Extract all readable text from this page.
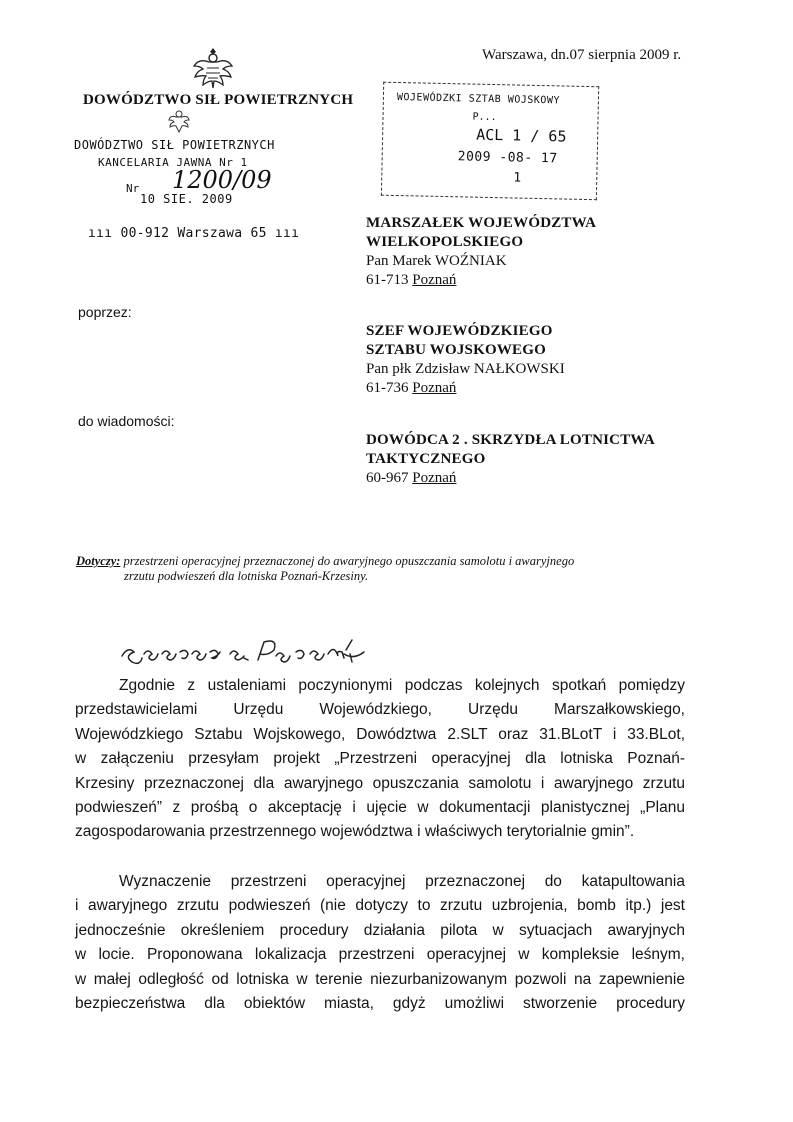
Warszawa, dn.07 sierpnia 2009 r.
DOWÓDZTWO SIŁ POWIETRZNYCH
DOWÓDZTWO SIŁ POWIETRZNYCH
KANCELARIA JAWNA Nr 1
Nr 1200/09
10 SIE. 2009
ııı 00-912 Warszawa 65 ııı
WOJEWÓDZKI SZTAB WOJSKOWY
P...
ACL 1 / 65
2009 -08- 17
1
MARSZAŁEK WOJEWÓDZTWA
WIELKOPOLSKIEGO
Pan Marek WOŹNIAK
61-713 Poznań
poprzez:
SZEF WOJEWÓDZKIEGO
SZTABU WOJSKOWEGO
Pan płk Zdzisław NAŁKOWSKI
61-736 Poznań
do wiadomości:
DOWÓDCA 2 . SKRZYDŁA LOTNICTWA
TAKTYCZNEGO
60-967 Poznań
Dotyczy: przestrzeni operacyjnej przeznaczonej do awaryjnego opuszczania samolotu i awaryjnego
zrzutu podwieszeń dla lotniska Poznań-Krzesiny.
Zgodnie z ustaleniami poczynionymi podczas kolejnych spotkań pomiędzy
przedstawicielami Urzędu Wojewódzkiego, Urzędu Marszałkowskiego,
Wojewódzkiego Sztabu Wojskowego, Dowództwa 2.SLT oraz 31.BLotT i 33.BLot,
w załączeniu przesyłam projekt „Przestrzeni operacyjnej dla lotniska Poznań-
Krzesiny przeznaczonej dla awaryjnego opuszczania samolotu i awaryjnego zrzutu
podwieszeń” z prośbą o akceptację i ujęcie w dokumentacji planistycznej „Planu
zagospodarowania przestrzennego województwa i właściwych terytorialnie gmin”.
Wyznaczenie przestrzeni operacyjnej przeznaczonej do katapultowania
i awaryjnego zrzutu podwieszeń (nie dotyczy to zrzutu uzbrojenia, bomb itp.) jest
jednocześnie określeniem procedury działania pilota w sytuacjach awaryjnych
w locie. Proponowana lokalizacja przestrzeni operacyjnej w kompleksie leśnym,
w małej odległość od lotniska w terenie niezurbanizowanym pozwoli na zapewnienie
bezpieczeństwa dla obiektów miasta, gdyż umożliwi stworzenie procedury
